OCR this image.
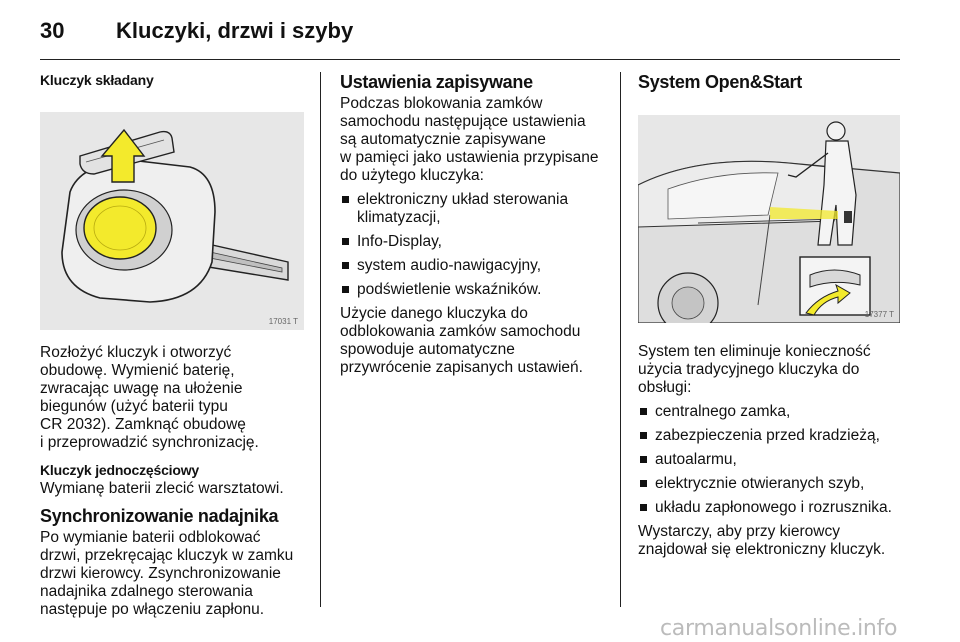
30 Kluczyki, drzwi i szyby
Kluczyk składany
17031 T
Rozłożyć kluczyk i otworzyć
obudowę. Wymienić baterię,
zwracając uwagę na ułożenie
biegunów (użyć baterii typu
CR 2032). Zamknąć obudowę
i przeprowadzić synchronizację.
Kluczyk jednoczęściowy
Wymianę baterii zlecić warsztatowi.
Synchronizowanie nadajnika
Po wymianie baterii odblokować
drzwi, przekręcając kluczyk w zamku
drzwi kierowcy. Zsynchronizowanie
nadajnika zdalnego sterowania
następuje po włączeniu zapłonu.
Ustawienia zapisywane
Podczas blokowania zamków
samochodu następujące ustawienia
są automatycznie zapisywane
w pamięci jako ustawienia przypisane
do użytego kluczyka:
elektroniczny układ sterowania
klimatyzacji,
Info-Display,
system audio-nawigacyjny,
podświetlenie wskaźników.
Użycie danego kluczyka do
odblokowania zamków samochodu
spowoduje automatyczne
przywrócenie zapisanych ustawień.
System Open&Start
17377 T
System ten eliminuje konieczność
użycia tradycyjnego kluczyka do
obsługi:
centralnego zamka,
zabezpieczenia przed kradzieżą,
autoalarmu,
elektrycznie otwieranych szyb,
układu zapłonowego i rozrusznika.
Wystarczy, aby przy kierowcy
znajdował się elektroniczny kluczyk.
carmanualsonline.info
